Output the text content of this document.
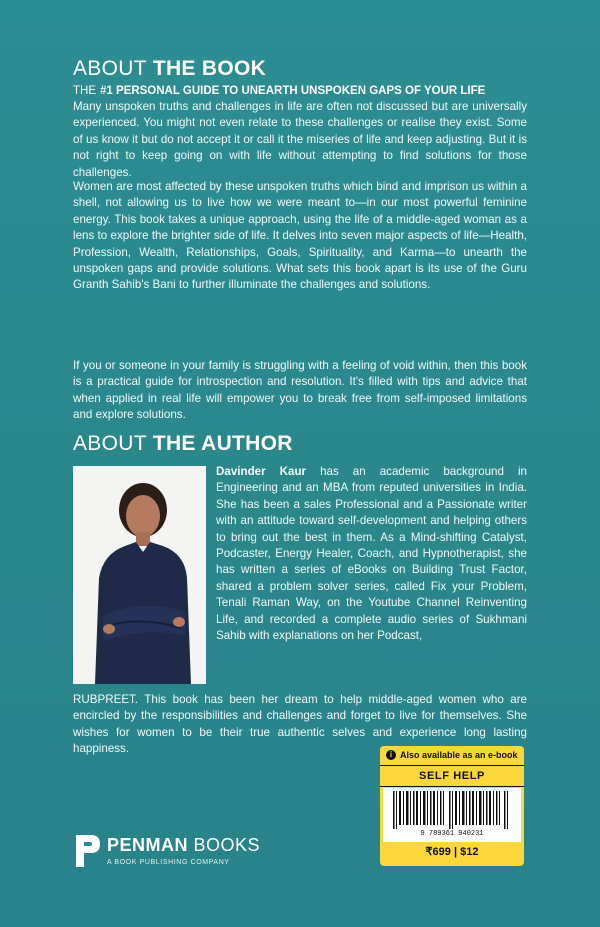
ABOUT THE BOOK
THE #1 PERSONAL GUIDE TO UNEARTH UNSPOKEN GAPS OF YOUR LIFE
Many unspoken truths and challenges in life are often not discussed but are universally experienced. You might not even relate to these challenges or realise they exist. Some of us know it but do not accept it or call it the miseries of life and keep adjusting. But it is not right to keep going on with life without attempting to find solutions for those challenges.
Women are most affected by these unspoken truths which bind and imprison us within a shell, not allowing us to live how we were meant to—in our most powerful feminine energy. This book takes a unique approach, using the life of a middle-aged woman as a lens to explore the brighter side of life. It delves into seven major aspects of life—Health, Profession, Wealth, Relationships, Goals, Spirituality, and Karma—to unearth the unspoken gaps and provide solutions. What sets this book apart is its use of the Guru Granth Sahib's Bani to further illuminate the challenges and solutions.
If you or someone in your family is struggling with a feeling of void within, then this book is a practical guide for introspection and resolution. It's filled with tips and advice that when applied in real life will empower you to break free from self-imposed limitations and explore solutions.
ABOUT THE AUTHOR
Davinder Kaur has an academic background in Engineering and an MBA from reputed universities in India. She has been a sales Professional and a Passionate writer with an attitude toward self-development and helping others to bring out the best in them. As a Mind-shifting Catalyst, Podcaster, Energy Healer, Coach, and Hypnotherapist, she has written a series of eBooks on Building Trust Factor, shared a problem solver series, called Fix your Problem, Tenali Raman Way, on the Youtube Channel Reinventing Life, and recorded a complete audio series of Sukhmani Sahib with explanations on her Podcast,
RUBPREET. This book has been her dream to help middle-aged women who are encircled by the responsibilities and challenges and forget to live for themselves. She wishes for women to be their true authentic selves and experience long lasting happiness.
PENMAN BOOKS
A BOOK PUBLISHING COMPANY
i Also available as an e-book
SELF HELP
9 789361 940231
₹699 | $12
